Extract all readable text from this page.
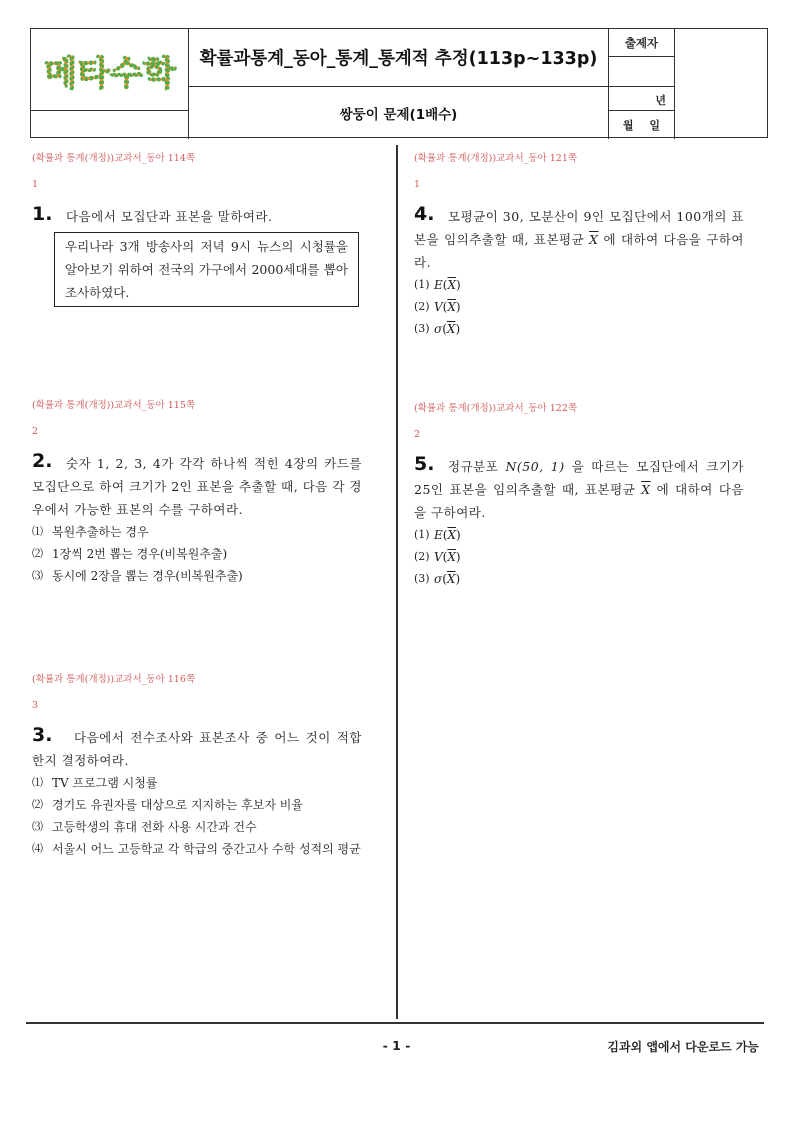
메타수학 확률과통계_동아_통계_통계적 추정(113p~133p)
쌍둥이 문제(1배수)
출제자
년
월 일
(확률과 통계(개정))교과서_동아 114쪽
1
1. 다음에서 모집단과 표본을 말하여라.
우리나라 3개 방송사의 저녁 9시 뉴스의 시청률을 알아보기 위하여 전국의 가구에서 2000세대를 뽑아 조사하였다.
(확률과 통계(개정))교과서_동아 115쪽
2
2.	숫자 1, 2, 3, 4가 각각 하나씩 적힌 4장의 카드를 모집단으로 하여 크기가 2인 표본을 추출할 때, 다음 각 경우에서 가능한 표본의 수를 구하여라.
⑴ 복원추출하는 경우
⑵ 1장씩 2번 뽑는 경우(비복원추출)
⑶ 동시에 2장을 뽑는 경우(비복원추출)
(확률과 통계(개정))교과서_동아 116쪽
3
3.	다음에서 전수조사와 표본조사 중 어느 것이 적합한지 결정하여라.
⑴ TV 프로그램 시청률
⑵ 경기도 유권자를 대상으로 지지하는 후보자 비율
⑶ 고등학생의 휴대 전화 사용 시간과 건수
⑷ 서울시 어느 고등학교 각 학급의 중간고사 수학 성적의 평균
(확률과 통계(개정))교과서_동아 121쪽
1
4.	모평균이 30, 모분산이 9인 모집단에서 100개의 표본을 임의추출할 때, 표본평균 $\overline{X}$ 에 대하여 다음을 구하여라.
(1) $E(\overline{X})$
(2) $V(\overline{X})$
(3) $\sigma(\overline{X})$
(확률과 통계(개정))교과서_동아 122쪽
2
5.	정규분포 N(50, 1) 을 따르는 모집단에서 크기가 25인 표본을 임의추출할 때, 표본평균 $\overline{X}$ 에 대하여 다음을 구하여라.
(1) $E(\overline{X})$
(2) $V(\overline{X})$
(3) $\sigma(\overline{X})$
- 1 -	김과외 앱에서 다운로드 가능
